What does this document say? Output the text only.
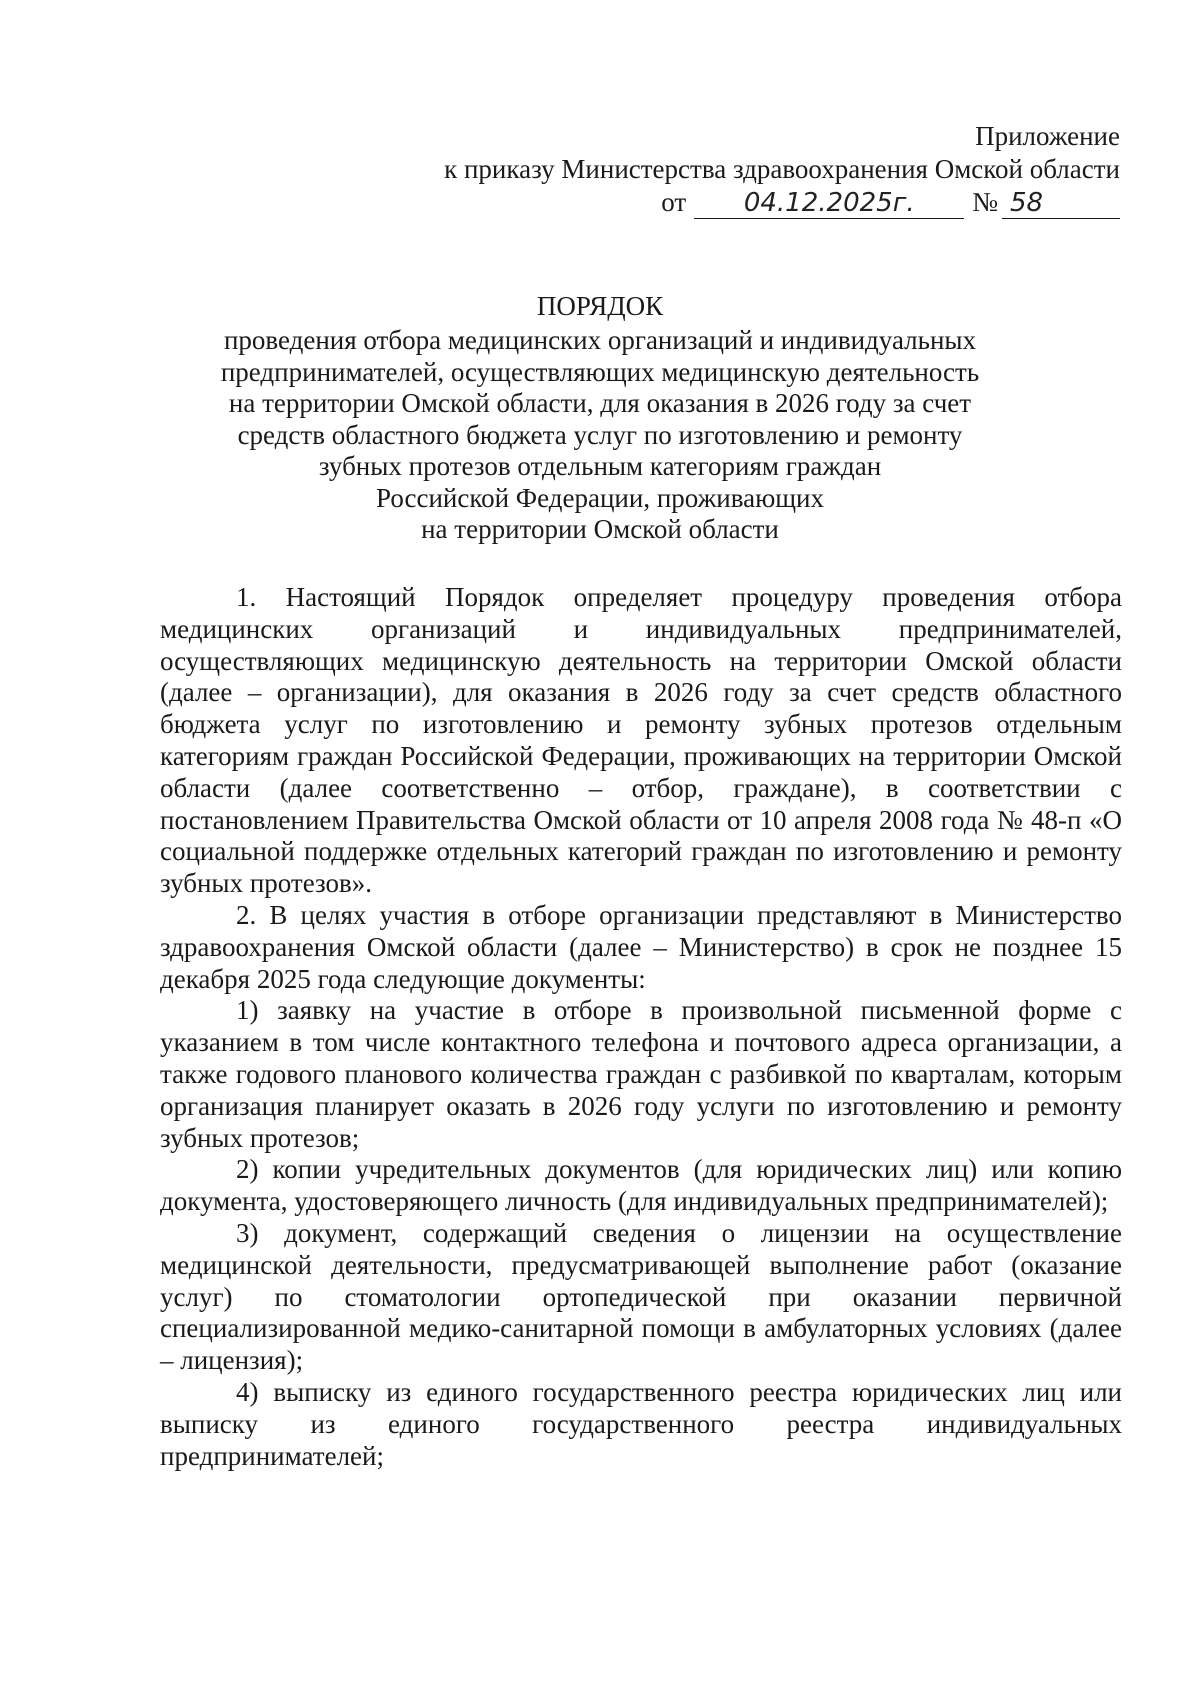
Приложение
к приказу Министерства здравоохранения Омской области
от	04.12.2025г.	№ 58
ПОРЯДОК
проведения отбора медицинских организаций и индивидуальных
предпринимателей, осуществляющих медицинскую деятельность
на территории Омской области, для оказания в 2026 году за счет
средств областного бюджета услуг по изготовлению и ремонту
зубных протезов отдельным категориям граждан
Российской Федерации, проживающих
на территории Омской области

1. Настоящий Порядок определяет процедуру проведения отбора медицинских организаций и индивидуальных предпринимателей, осуществляющих медицинскую деятельность на территории Омской области (далее – организации), для оказания в 2026 году за счет средств областного бюджета услуг по изготовлению и ремонту зубных протезов отдельным категориям граждан Российской Федерации, проживающих на территории Омской области (далее соответственно – отбор, граждане), в соответствии с постановлением Правительства Омской области от 10 апреля 2008 года № 48-п «О социальной поддержке отдельных категорий граждан по изготовлению и ремонту зубных протезов».

2. В целях участия в отборе организации представляют в Министерство здравоохранения Омской области (далее – Министерство) в срок не позднее 15 декабря 2025 года следующие документы:

1) заявку на участие в отборе в произвольной письменной форме с указанием в том числе контактного телефона и почтового адреса организации, а также годового планового количества граждан с разбивкой по кварталам, которым организация планирует оказать в 2026 году услуги по изготовлению и ремонту зубных протезов;

2) копии учредительных документов (для юридических лиц) или копию документа, удостоверяющего личность (для индивидуальных предпринимателей);

3) документ, содержащий сведения о лицензии на осуществление медицинской деятельности, предусматривающей выполнение работ (оказание услуг) по стоматологии ортопедической при оказании первичной специализированной медико-санитарной помощи в амбулаторных условиях (далее – лицензия);

4) выписку из единого государственного реестра юридических лиц или выписку из единого государственного реестра индивидуальных предпринимателей;
